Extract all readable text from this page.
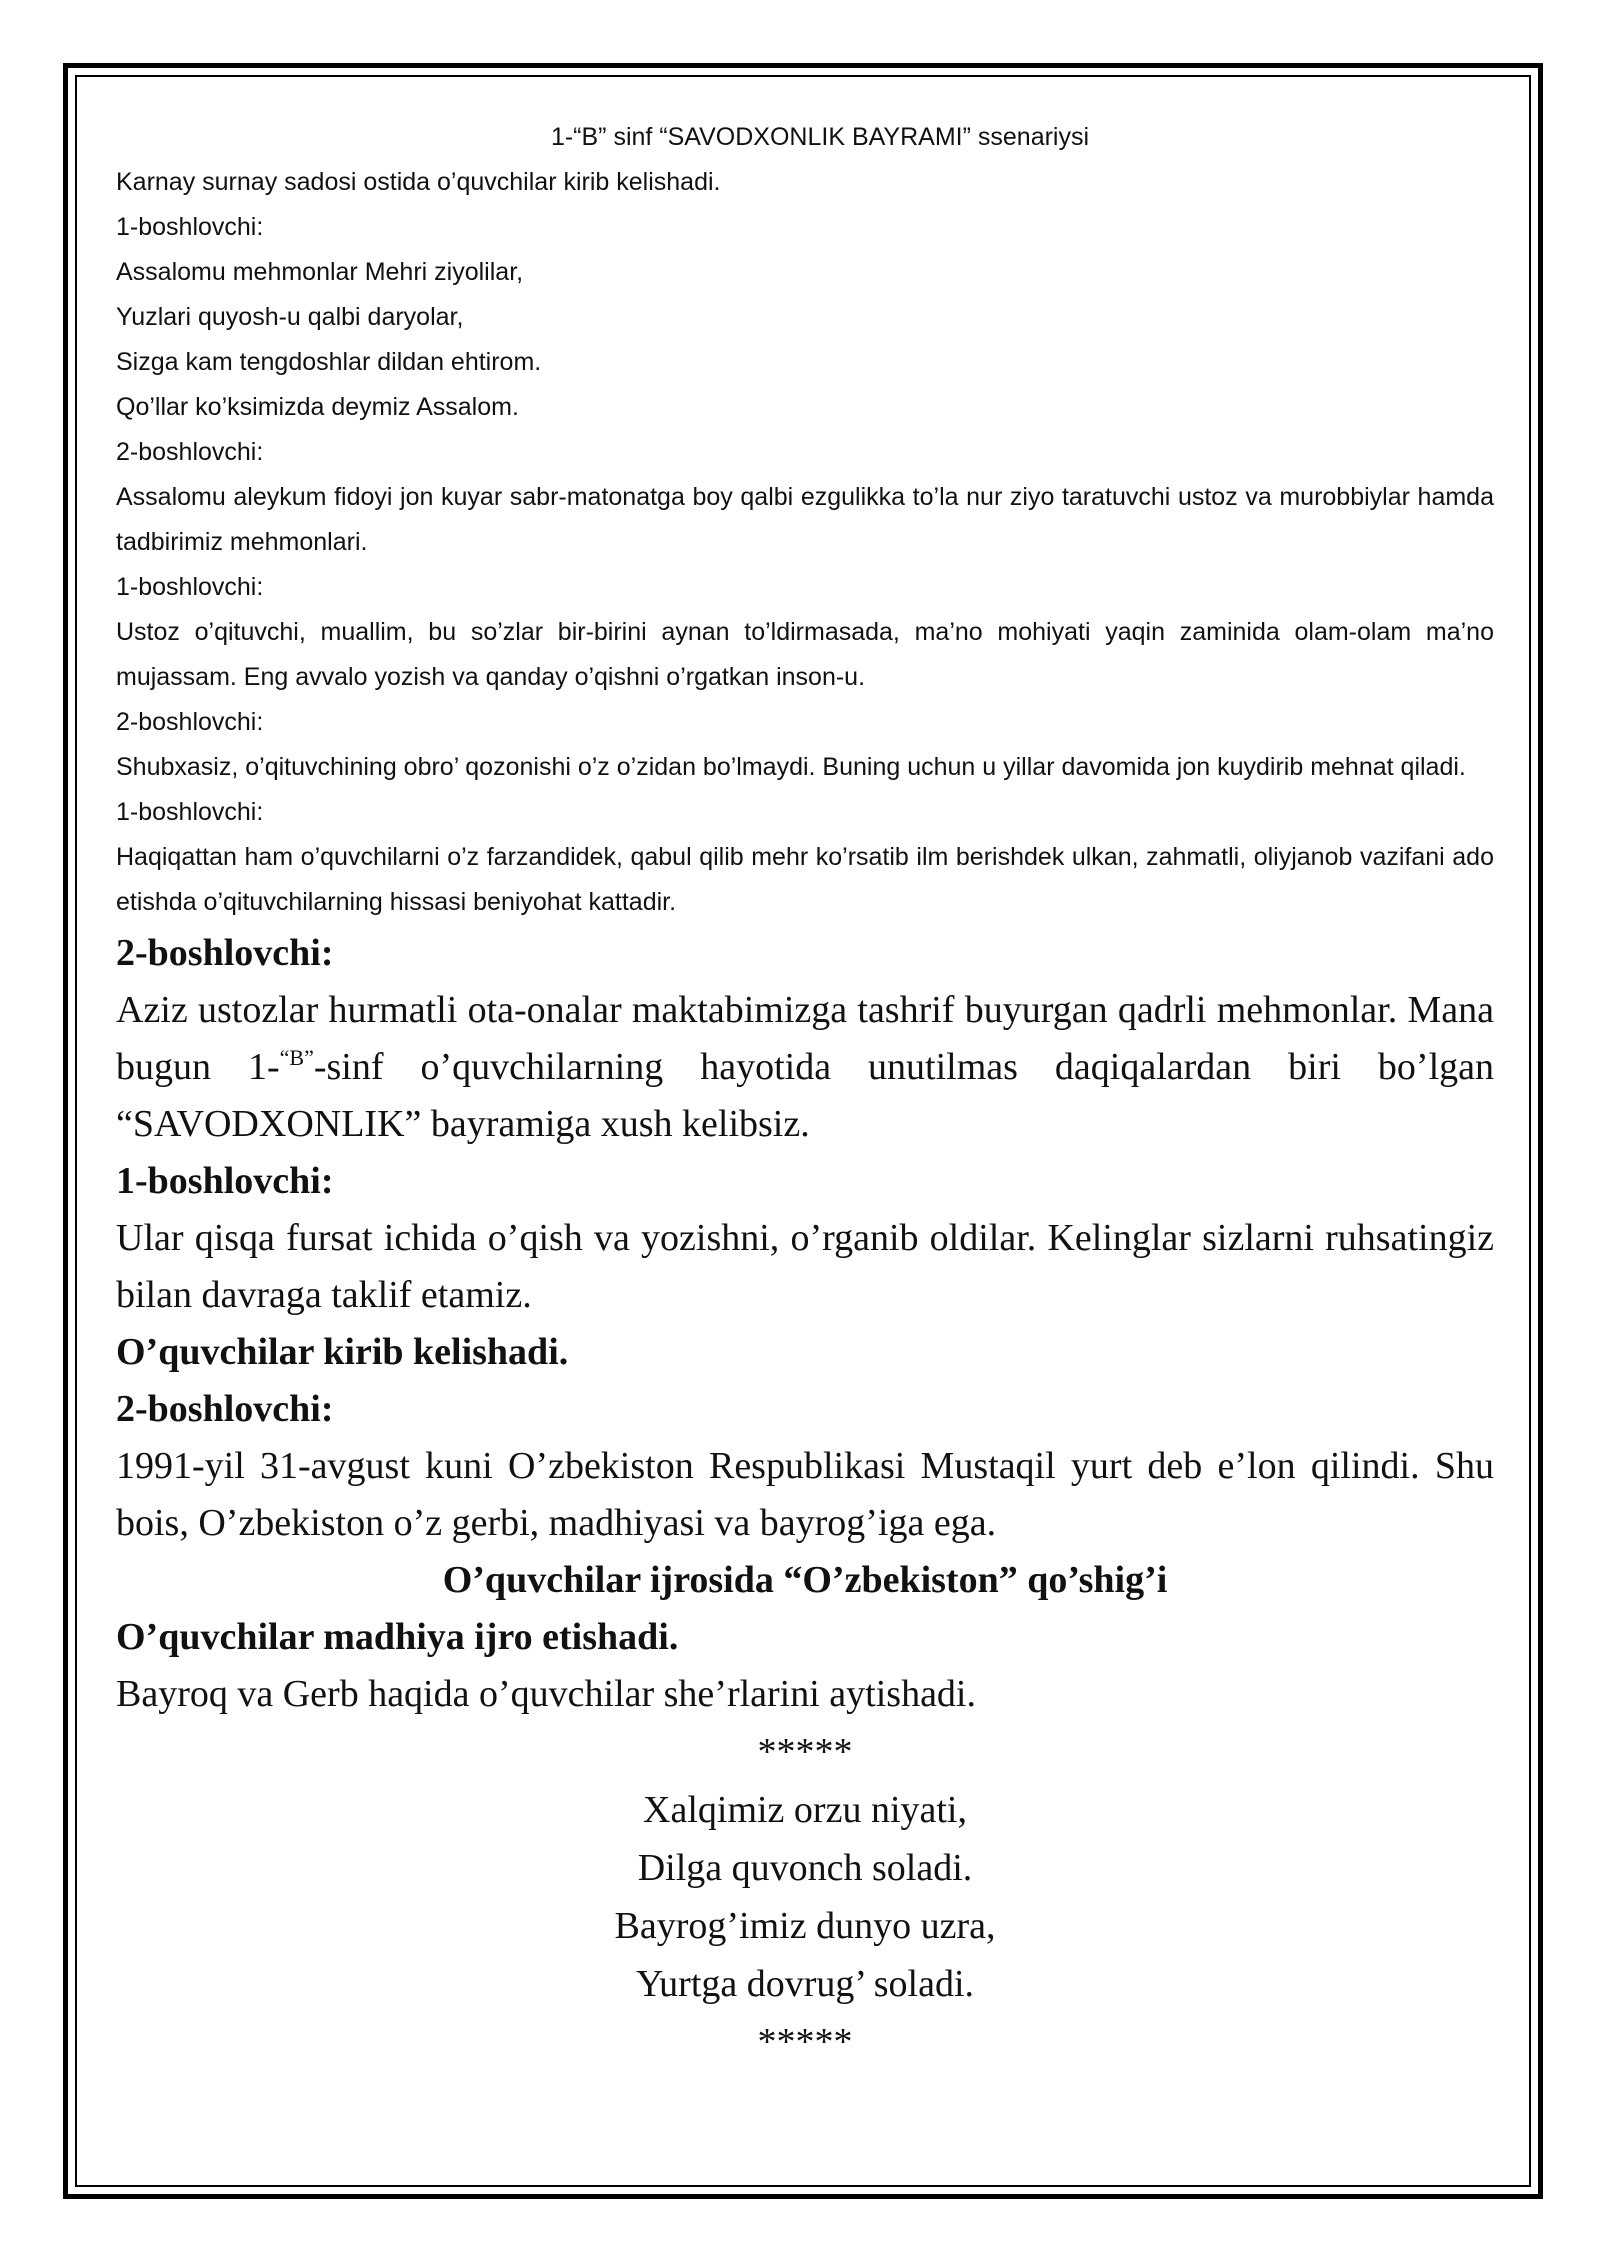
1-“B” sinf “SAVODXONLIK BAYRAMI” ssenariysi

Karnay surnay sadosi ostida o’quvchilar kirib kelishadi.

1-boshlovchi:

Assalomu mehmonlar Mehri ziyolilar,

Yuzlari quyosh-u qalbi daryolar,

Sizga kam tengdoshlar dildan ehtirom.

Qo’llar ko’ksimizda deymiz Assalom.

2-boshlovchi:

Assalomu aleykum fidoyi jon kuyar sabr-matonatga boy qalbi ezgulikka to’la nur ziyo taratuvchi ustoz va murobbiylar hamda tadbirimiz mehmonlari.

1-boshlovchi:

Ustoz o’qituvchi, muallim, bu so’zlar bir-birini aynan to’ldirmasada, ma’no mohiyati yaqin zaminida olam-olam ma’no mujassam. Eng avvalo yozish va qanday o’qishni o’rgatkan inson-u.

2-boshlovchi:

Shubxasiz, o’qituvchining obro’ qozonishi o’z o’zidan bo’lmaydi. Buning uchun u yillar davomida jon kuydirib mehnat qiladi.

1-boshlovchi:

Haqiqattan ham o’quvchilarni o’z farzandidek, qabul qilib mehr ko’rsatib ilm berishdek ulkan, zahmatli, oliyjanob vazifani ado etishda o’qituvchilarning hissasi beniyohat kattadir.

2-boshlovchi:

Aziz ustozlar hurmatli ota-onalar maktabimizga tashrif buyurgan qadrli mehmonlar. Mana bugun 1-$^{“B”}$-sinf o’quvchilarning hayotida unutilmas daqiqalardan biri bo’lgan “SAVODXONLIK” bayramiga xush kelibsiz.

1-boshlovchi:

Ular qisqa fursat ichida o’qish va yozishni, o’rganib oldilar. Kelinglar sizlarni ruhsatingiz bilan davraga taklif etamiz.

O’quvchilar kirib kelishadi.

2-boshlovchi:

1991-yil 31-avgust kuni O’zbekiston Respublikasi Mustaqil yurt deb e’lon qilindi. Shu bois, O’zbekiston o’z gerbi, madhiyasi va bayrog’iga ega.

O’quvchilar ijrosida “O’zbekiston” qo’shig’i

O’quvchilar madhiya ijro etishadi.

Bayroq va Gerb haqida o’quvchilar she’rlarini aytishadi.

*****

Xalqimiz orzu niyati,

Dilga quvonch soladi.

Bayrog’imiz dunyo uzra,

Yurtga dovrug’ soladi.

*****
